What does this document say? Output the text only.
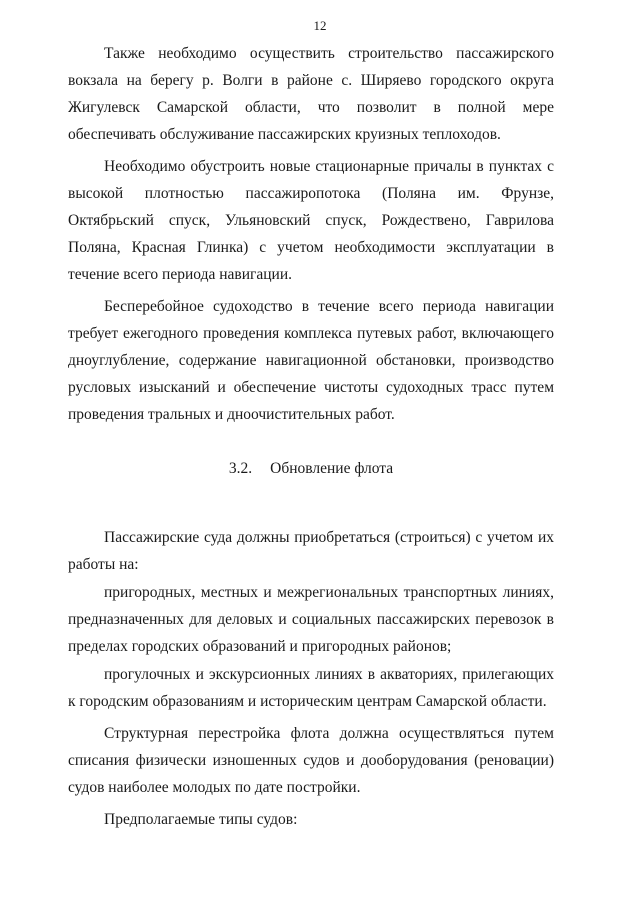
12

Также необходимо осуществить строительство пассажирского вокзала на берегу р. Волги в районе с. Ширяево городского округа Жигулевск Самарской области, что позволит в полной мере обеспечивать обслуживание пассажирских круизных теплоходов.

Необходимо обустроить новые стационарные причалы в пунктах с высокой плотностью пассажиропотока (Поляна им. Фрунзе, Октябрьский спуск, Ульяновский спуск, Рождествено, Гаврилова Поляна, Красная Глинка) с учетом необходимости эксплуатации в течение всего периода навигации.

Бесперебойное судоходство в течение всего периода навигации требует ежегодного проведения комплекса путевых работ, включающего дноуглубление, содержание навигационной обстановки, производство русловых изысканий и обеспечение чистоты судоходных трасс путем проведения тральных и дноочистительных работ.

3.2. Обновление флота

Пассажирские суда должны приобретаться (строиться) с учетом их работы на:

пригородных, местных и межрегиональных транспортных линиях, предназначенных для деловых и социальных пассажирских перевозок в пределах городских образований и пригородных районов;

прогулочных и экскурсионных линиях в акваториях, прилегающих к городским образованиям и историческим центрам Самарской области.

Структурная перестройка флота должна осуществляться путем списания физически изношенных судов и дооборудования (реновации) судов наиболее молодых по дате постройки.

Предполагаемые типы судов:
